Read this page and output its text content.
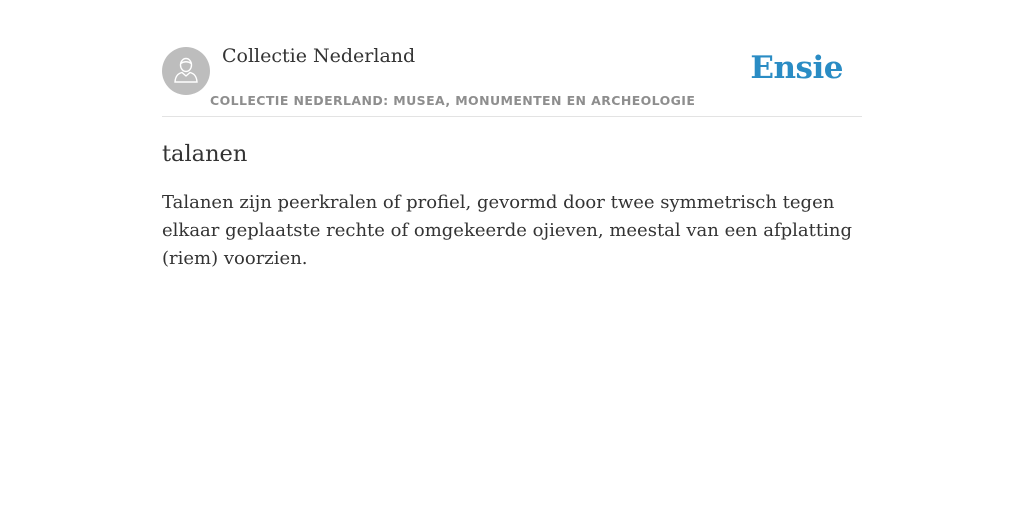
Collectie Nederland
COLLECTIE NEDERLAND: MUSEA, MONUMENTEN EN ARCHEOLOGIE
Ensie
talanen

Talanen zijn peerkralen of profiel, gevormd door twee symmetrisch tegen elkaar geplaatste rechte of omgekeerde ojieven, meestal van een afplatting (riem) voorzien.
